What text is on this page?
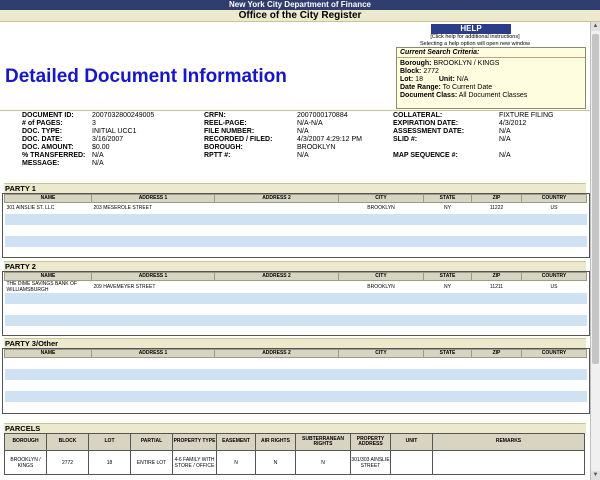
New York City Department of Finance
Office of the City Register
HELP
[Click help for additional instructions]
Selecting a help option will open new window
Detailed Document Information
Current Search Criteria:
Borough: BROOKLYN / KINGS
Block: 2772
Lot: 18 Unit: N/A
Date Range: To Current Date
Document Class: All Document Classes
DOCUMENT ID:	2007032800249005
# of PAGES:	3
DOC. TYPE:	INITIAL UCC1
DOC. DATE:	3/16/2007
DOC. AMOUNT:	$0.00
% TRANSFERRED: N/A
MESSAGE:	N/A
CRFN:	2007000170884
REEL-PAGE:	N/A-N/A
FILE NUMBER:	N/A
RECORDED / FILED:	4/3/2007 4:29:12 PM
BOROUGH:	BROOKLYN
RPTT #:	N/A
COLLATERAL:	FIXTURE FILING
EXPIRATION DATE:	4/3/2012
ASSESSMENT DATE:	N/A
SLID #:	N/A
MAP SEQUENCE #:	N/A
PARTY 1
NAME	ADDRESS 1	ADDRESS 2	CITY	STATE	ZIP	COUNTRY
301 AINSLIE ST. LLC	203 MESEROLE STREET		BROOKLYN	NY	11222	US

PARTY 2
NAME	ADDRESS 1	ADDRESS 2	CITY	STATE	ZIP	COUNTRY
THE DIME SAVINGS BANK OF WILLIAMSBURGH	209 HAVEMEYER STREET		BROOKLYN	NY	11211	US

PARTY 3/Other
NAME	ADDRESS 1	ADDRESS 2	CITY	STATE	ZIP	COUNTRY

PARCELS
BOROUGH	BLOCK	LOT	PARTIAL	PROPERTY TYPE	EASEMENT	AIR RIGHTS	SUBTERRANEAN RIGHTS	PROPERTY ADDRESS	UNIT	REMARKS
BROOKLYN / KINGS	2772	18	ENTIRE LOT	4-6 FAMILY WITH STORE / OFFICE	N	N	N	301/303 AINSLIE STREET		
▲
▼
